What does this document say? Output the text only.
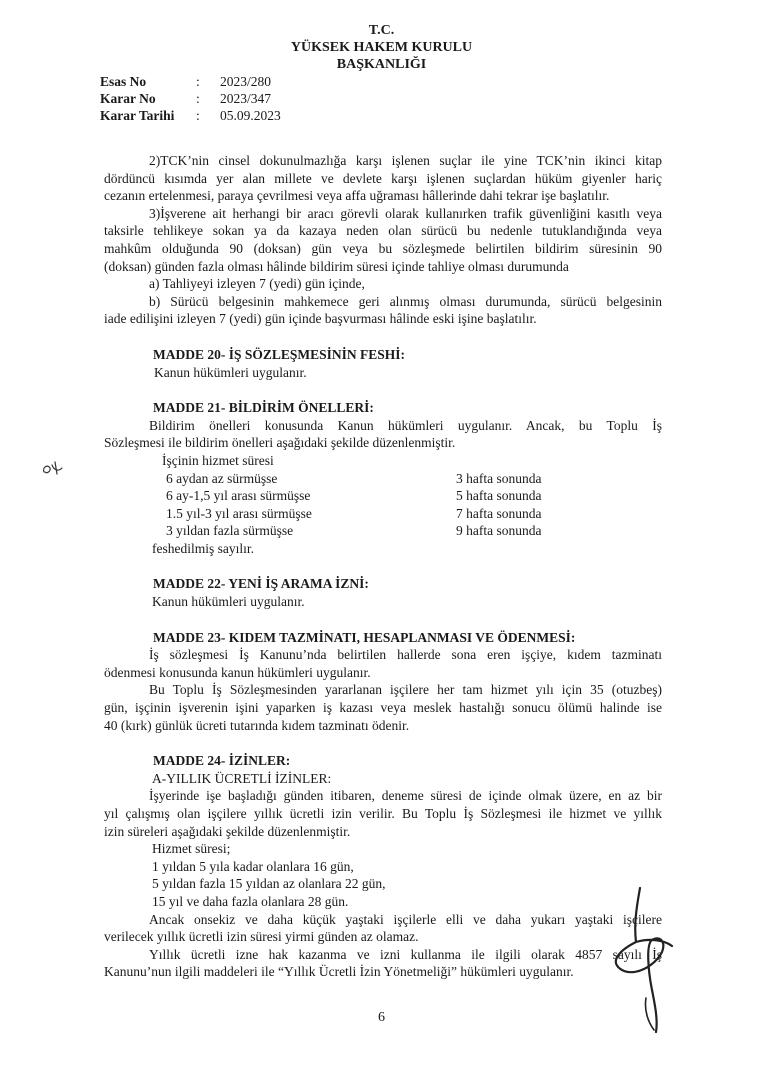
T.C.
YÜKSEK HAKEM KURULU
BAŞKANLIĞI
Esas No	:	2023/280
Karar No	:	2023/347
Karar Tarihi	:	05.09.2023

2)TCK’nin cinsel dokunulmazlığa karşı işlenen suçlar ile yine TCK’nin ikinci kitap

dördüncü kısımda yer alan millete ve devlete karşı işlenen suçlardan hüküm giyenler hariç

cezanın ertelenmesi, paraya çevrilmesi veya affa uğraması hâllerinde dahi tekrar işe başlatılır.

3)İşverene ait herhangi bir aracı görevli olarak kullanırken trafik güvenliğini kasıtlı veya

taksirle tehlikeye sokan ya da kazaya neden olan sürücü bu nedenle tutuklandığında veya

mahkûm olduğunda 90 (doksan) gün veya bu sözleşmede belirtilen bildirim süresinin 90

(doksan) günden fazla olması hâlinde bildirim süresi içinde tahliye olması durumunda

a) Tahliyeyi izleyen 7 (yedi) gün içinde,

b) Sürücü belgesinin mahkemece geri alınmış olması durumunda, sürücü belgesinin

iade edilişini izleyen 7 (yedi) gün içinde başvurması hâlinde eski işine başlatılır.

MADDE 20- İŞ SÖZLEŞMESİNİN FESHİ:

Kanun hükümleri uygulanır.

MADDE 21- BİLDİRİM ÖNELLERİ:

Bildirim önelleri konusunda Kanun hükümleri uygulanır. Ancak, bu Toplu İş

Sözleşmesi ile bildirim önelleri aşağıdaki şekilde düzenlenmiştir.

İşçinin hizmet süresi

6 aydan az sürmüşse	3 hafta sonunda
6 ay-1,5 yıl arası sürmüşse	5 hafta sonunda
1.5 yıl-3 yıl arası sürmüşse	7 hafta sonunda
3 yıldan fazla sürmüşse	9 hafta sonunda

feshedilmiş sayılır.

MADDE 22- YENİ İŞ ARAMA İZNİ:

Kanun hükümleri uygulanır.

MADDE 23- KIDEM TAZMİNATI, HESAPLANMASI VE ÖDENMESİ:

İş sözleşmesi İş Kanunu’nda belirtilen hallerde sona eren işçiye, kıdem tazminatı

ödenmesi konusunda kanun hükümleri uygulanır.

Bu Toplu İş Sözleşmesinden yararlanan işçilere her tam hizmet yılı için 35 (otuzbeş)

gün, işçinin işverenin işini yaparken iş kazası veya meslek hastalığı sonucu ölümü halinde ise

40 (kırk) günlük ücreti tutarında kıdem tazminatı ödenir.

MADDE 24- İZİNLER:

A-YILLIK ÜCRETLİ İZİNLER:

İşyerinde işe başladığı günden itibaren, deneme süresi de içinde olmak üzere, en az bir

yıl çalışmış olan işçilere yıllık ücretli izin verilir. Bu Toplu İş Sözleşmesi ile hizmet ve yıllık

izin süreleri aşağıdaki şekilde düzenlenmiştir.

Hizmet süresi;

1 yıldan 5 yıla kadar olanlara 16 gün,

5 yıldan fazla 15 yıldan az olanlara 22 gün,

15 yıl ve daha fazla olanlara 28 gün.

Ancak onsekiz ve daha küçük yaştaki işçilerle elli ve daha yukarı yaştaki işçilere

verilecek yıllık ücretli izin süresi yirmi günden az olamaz.

Yıllık ücretli izne hak kazanma ve izni kullanma ile ilgili olarak 4857 sayılı İş

Kanunu’nun ilgili maddeleri ile “Yıllık Ücretli İzin Yönetmeliği” hükümleri uygulanır.

6
